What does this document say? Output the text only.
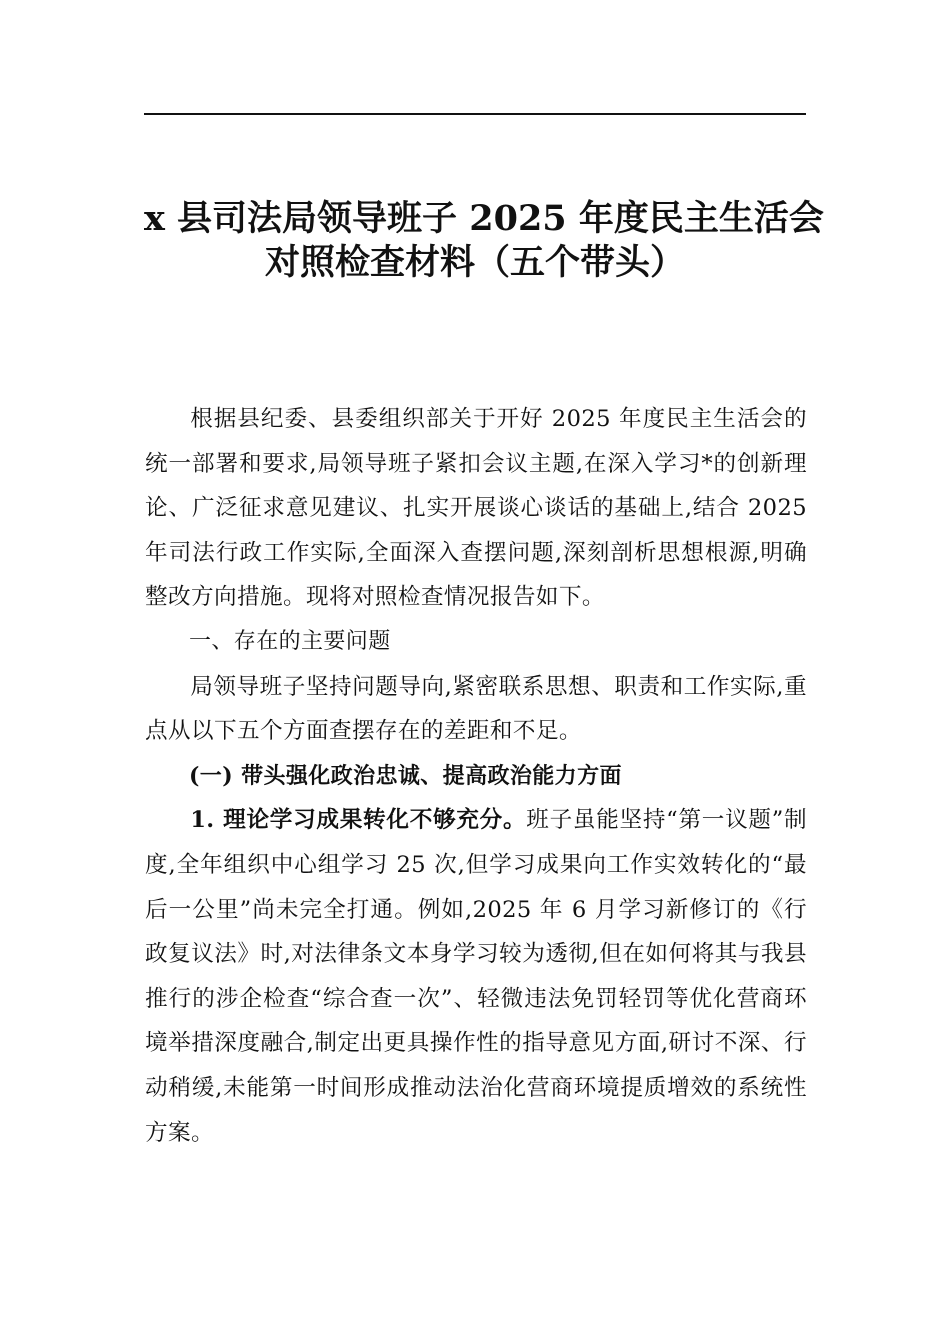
x 县司法局领导班子 2025 年度民主生活会
对照检查材料（五个带头）

根据县纪委、县委组织部关于开好 2025 年度民主生活会的统一部署和要求,局领导班子紧扣会议主题,在深入学习*的创新理论、广泛征求意见建议、扎实开展谈心谈话的基础上,结合 2025 年司法行政工作实际,全面深入查摆问题,深刻剖析思想根源,明确整改方向措施。现将对照检查情况报告如下。

一、存在的主要问题

局领导班子坚持问题导向,紧密联系思想、职责和工作实际,重点从以下五个方面查摆存在的差距和不足。

(一) 带头强化政治忠诚、提高政治能力方面

1. 理论学习成果转化不够充分。班子虽能坚持“第一议题”制度,全年组织中心组学习 25 次,但学习成果向工作实效转化的“最后一公里”尚未完全打通。例如,2025 年 6 月学习新修订的《行政复议法》时,对法律条文本身学习较为透彻,但在如何将其与我县推行的涉企检查“综合查一次”、轻微违法免罚轻罚等优化营商环境举措深度融合,制定出更具操作性的指导意见方面,研讨不深、行动稍缓,未能第一时间形成推动法治化营商环境提质增效的系统性方案。
